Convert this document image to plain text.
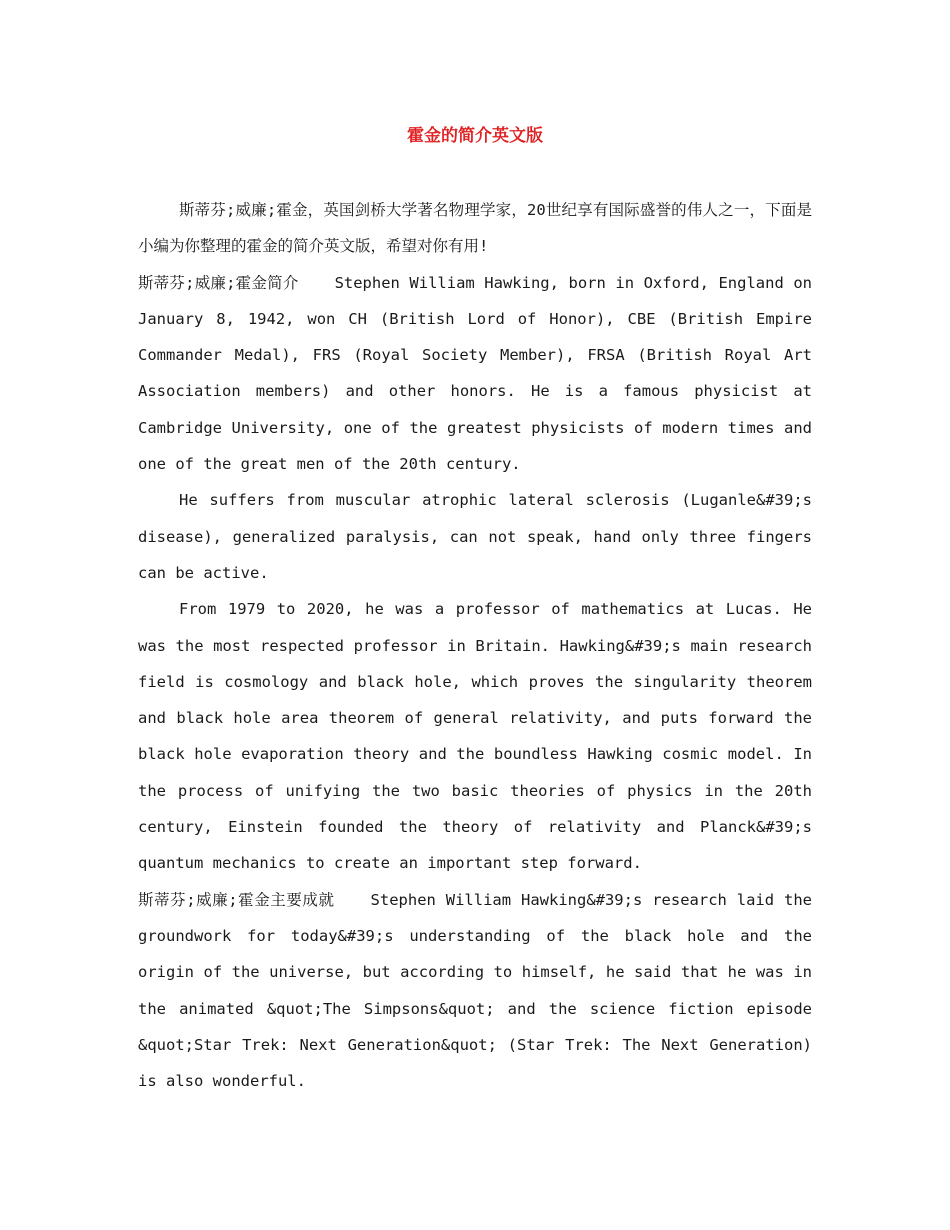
霍金的简介英文版

斯蒂芬;威廉;霍金，英国剑桥大学著名物理学家，20世纪享有国际盛誉的伟人之一，下面是小编为你整理的霍金的简介英文版，希望对你有用!

斯蒂芬;威廉;霍金简介 Stephen William Hawking, born in Oxford, England on January 8, 1942, won CH (British Lord of Honor), CBE (British Empire Commander Medal), FRS (Royal Society Member), FRSA (British Royal Art Association members) and other honors. He is a famous physicist at Cambridge University, one of the greatest physicists of modern times and one of the great men of the 20th century.

He suffers from muscular atrophic lateral sclerosis (Luganle&#39;s disease), generalized paralysis, can not speak, hand only three fingers can be active.

From 1979 to 2020, he was a professor of mathematics at Lucas. He was the most respected professor in Britain. Hawking&#39;s main research field is cosmology and black hole, which proves the singularity theorem and black hole area theorem of general relativity, and puts forward the black hole evaporation theory and the boundless Hawking cosmic model. In the process of unifying the two basic theories of physics in the 20th century, Einstein founded the theory of relativity and Planck&#39;s quantum mechanics to create an important step forward.

斯蒂芬;威廉;霍金主要成就 Stephen William Hawking&#39;s research laid the groundwork for today&#39;s understanding of the black hole and the origin of the universe, but according to himself, he said that he was in the animated &quot;The Simpsons&quot; and the science fiction episode &quot;Star Trek: Next Generation&quot; (Star Trek: The Next Generation) is also wonderful.
